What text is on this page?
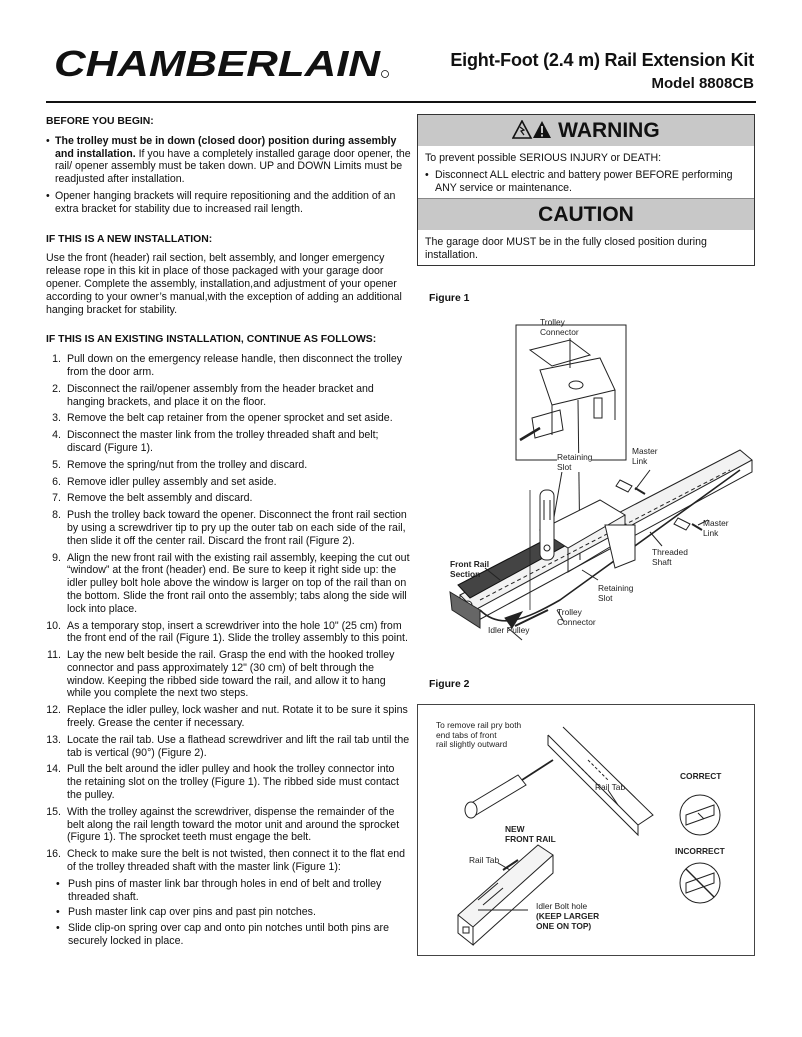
CHAMBERLAIN	Eight-Foot (2.4 m) Rail Extension Kit
Model 8808CB
BEFORE YOU BEGIN:
• The trolley must be in down (closed door) position during assembly and installation. If you have a completely installed garage door opener, the rail/ opener assembly must be taken down. UP and DOWN Limits must be readjusted after installation.
• Opener hanging brackets will require repositioning and the addition of an extra bracket for stability due to increased rail length.
IF THIS IS A NEW INSTALLATION:
Use the front (header) rail section, belt assembly, and longer emergency release rope in this kit in place of those packaged with your garage door opener. Complete the assembly, installation,and adjustment of your opener according to your owner’s manual,with the exception of adding an additional hanging bracket for stability.
IF THIS IS AN EXISTING INSTALLATION, CONTINUE AS FOLLOWS:
1. Pull down on the emergency release handle, then disconnect the trolley from the door arm.
2. Disconnect the rail/opener assembly from the header bracket and hanging brackets, and place it on the floor.
3. Remove the belt cap retainer from the opener sprocket and set aside.
4. Disconnect the master link from the trolley threaded shaft and belt; discard (Figure 1).
5. Remove the spring/nut from the trolley and discard.
6. Remove idler pulley assembly and set aside.
7. Remove the belt assembly and discard.
8. Push the trolley back toward the opener. Disconnect the front rail section by using a screwdriver tip to pry up the outer tab on each side of the rail, then slide it off the center rail. Discard the front rail (Figure 2).
9. Align the new front rail with the existing rail assembly, keeping the cut out “window” at the front (header) end. Be sure to keep it right side up: the idler pulley bolt hole above the window is larger on top of the rail than on the bottom. Slide the front rail onto the assembly; tabs along the side will lock into place.
10. As a temporary stop, insert a screwdriver into the hole 10" (25 cm) from the front end of the rail (Figure 1). Slide the trolley assembly to this point.
11. Lay the new belt beside the rail. Grasp the end with the hooked trolley connector and pass approximately 12" (30 cm) of belt through the window. Keeping the ribbed side toward the rail, and allow it to hang while you complete the next two steps.
12. Replace the idler pulley, lock washer and nut. Rotate it to be sure it spins freely. Grease the center if necessary.
13. Locate the rail tab. Use a flathead screwdriver and lift the rail tab until the tab is vertical (90°) (Figure 2).
14. Pull the belt around the idler pulley and hook the trolley connector into the retaining slot on the trolley (Figure 1). The ribbed side must contact the pulley.
15. With the trolley against the screwdriver, dispense the remainder of the belt along the rail length toward the motor unit and around the sprocket (Figure 1). The sprocket teeth must engage the belt.
16. Check to make sure the belt is not twisted, then connect it to the flat end of the trolley threaded shaft with the master link (Figure 1):
• Push pins of master link bar through holes in end of belt and trolley threaded shaft.
• Push master link cap over pins and past pin notches.
• Slide clip-on spring over cap and onto pin notches until both pins are securely locked in place.
WARNING
To prevent possible SERIOUS INJURY or DEATH:
• Disconnect ALL electric and battery power BEFORE performing ANY service or maintenance.
CAUTION
The garage door MUST be in the fully closed position during installation.
Figure 1
Trolley
Connector
Retaining
Slot
Master
Link
Master
Link
Threaded
Shaft
Front Rail
Section
Retaining
Slot
Trolley
Connector
Idler Pulley
Figure 2
To remove rail pry both
end tabs of front
rail slightly outward
Rail Tab
NEW
FRONT RAIL
Rail Tab
CORRECT
INCORRECT
Idler Bolt hole
(KEEP LARGER
ONE ON TOP)
